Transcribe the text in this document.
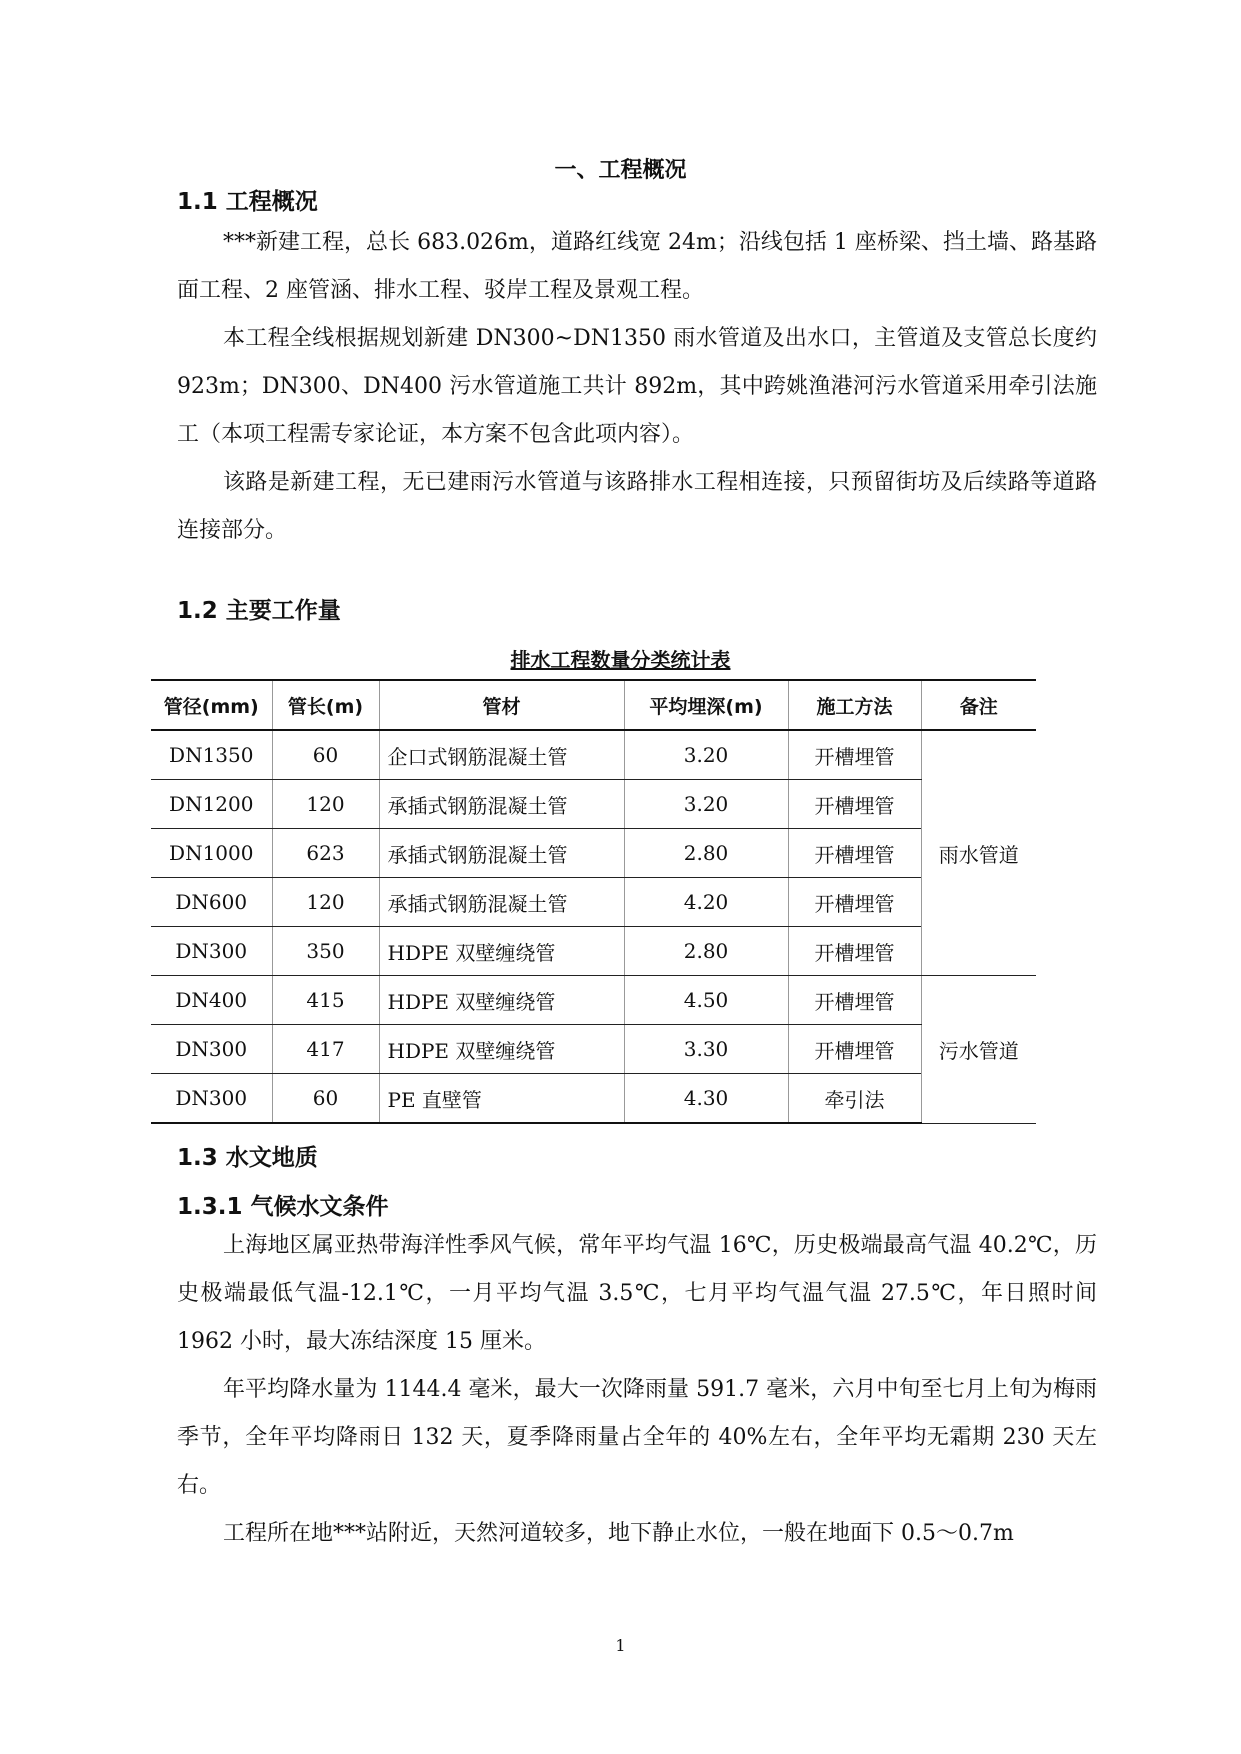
一、工程概况
1.1 工程概况
***新建工程，总长 683.026m，道路红线宽 24m；沿线包括 1 座桥梁、挡土墙、路基路面工程、2 座管涵、排水工程、驳岸工程及景观工程。
本工程全线根据规划新建 DN300~DN1350 雨水管道及出水口，主管道及支管总长度约 923m；DN300、DN400 污水管道施工共计 892m，其中跨姚渔港河污水管道采用牵引法施工（本项工程需专家论证，本方案不包含此项内容）。
该路是新建工程，无已建雨污水管道与该路排水工程相连接，只预留街坊及后续路等道路连接部分。
1.2 主要工作量
排水工程数量分类统计表
管径(mm)	管长(m)	管材	平均埋深(m)	施工方法	备注
DN1350	60	企口式钢筋混凝土管	3.20	开槽埋管	雨水管道
DN1200	120	承插式钢筋混凝土管	3.20	开槽埋管	
DN1000	623	承插式钢筋混凝土管	2.80	开槽埋管	
DN600	120	承插式钢筋混凝土管	4.20	开槽埋管	
DN300	350	HDPE 双壁缠绕管	2.80	开槽埋管	
DN400	415	HDPE 双壁缠绕管	4.50	开槽埋管	污水管道
DN300	417	HDPE 双壁缠绕管	3.30	开槽埋管	
DN300	60	PE 直壁管	4.30	牵引法	
1.3 水文地质
1.3.1 气候水文条件
上海地区属亚热带海洋性季风气候，常年平均气温 16℃，历史极端最高气温 40.2℃，历史极端最低气温-12.1℃，一月平均气温 3.5℃，七月平均气温气温 27.5℃，年日照时间 1962 小时，最大冻结深度 15 厘米。
年平均降水量为 1144.4 毫米，最大一次降雨量 591.7 毫米，六月中旬至七月上旬为梅雨季节，全年平均降雨日 132 天，夏季降雨量占全年的 40%左右，全年平均无霜期 230 天左右。
工程所在地***站附近，天然河道较多，地下静止水位，一般在地面下 0.5～0.7m
1
